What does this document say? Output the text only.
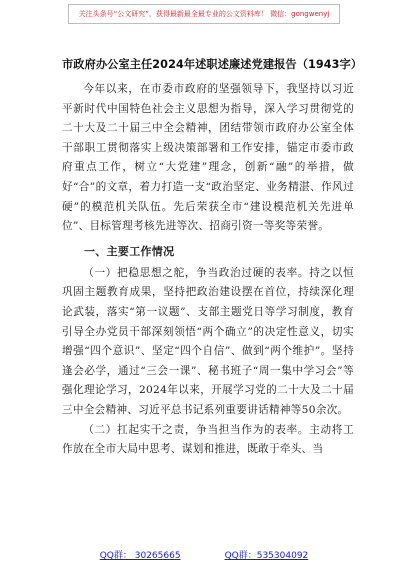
关注头条号“公文研究”，获得最新最全最专业的公文资料库！ 微信：gongwenyj
市政府办公室主任2024年述职述廉述党建报告（1943字）

今年以来，在市委市政府的坚强领导下，我坚持以习近平新时代中国特色社会主义思想为指导，深入学习贯彻党的二十大及二十届三中全会精神，团结带领市政府办公室全体干部职工贯彻落实上级决策部署和工作安排，锚定市委市政府重点工作，树立“大党建”理念，创新“融”的举措，做好“合”的文章，着力打造一支“政治坚定、业务精湛、作风过硬”的模范机关队伍。先后荣获全市“建设模范机关先进单位”、目标管理考核先进等次、招商引资一等奖等荣誉。

一、主要工作情况

（一）把稳思想之舵，争当政治过硬的表率。持之以恒巩固主题教育成果，坚持把政治建设摆在首位，持续深化理论武装，落实“第一议题”、支部主题党日等学习制度，教育引导全办党员干部深刻领悟“两个确立”的决定性意义，切实增强“四个意识”、坚定“四个自信”、做到“两个维护”。坚持逢会必学，通过“三会一课”、秘书班子“周一集中学习会”等强化理论学习，2024年以来，开展学习党的二十大及二十届三中全会精神、习近平总书记系列重要讲话精神等50余次。

（二）扛起实干之责，争当担当作为的表率。主动将工作放在全市大局中思考、谋划和推进，既敢于牵头、当

QQ群： 30265665	QQ群：535304092
